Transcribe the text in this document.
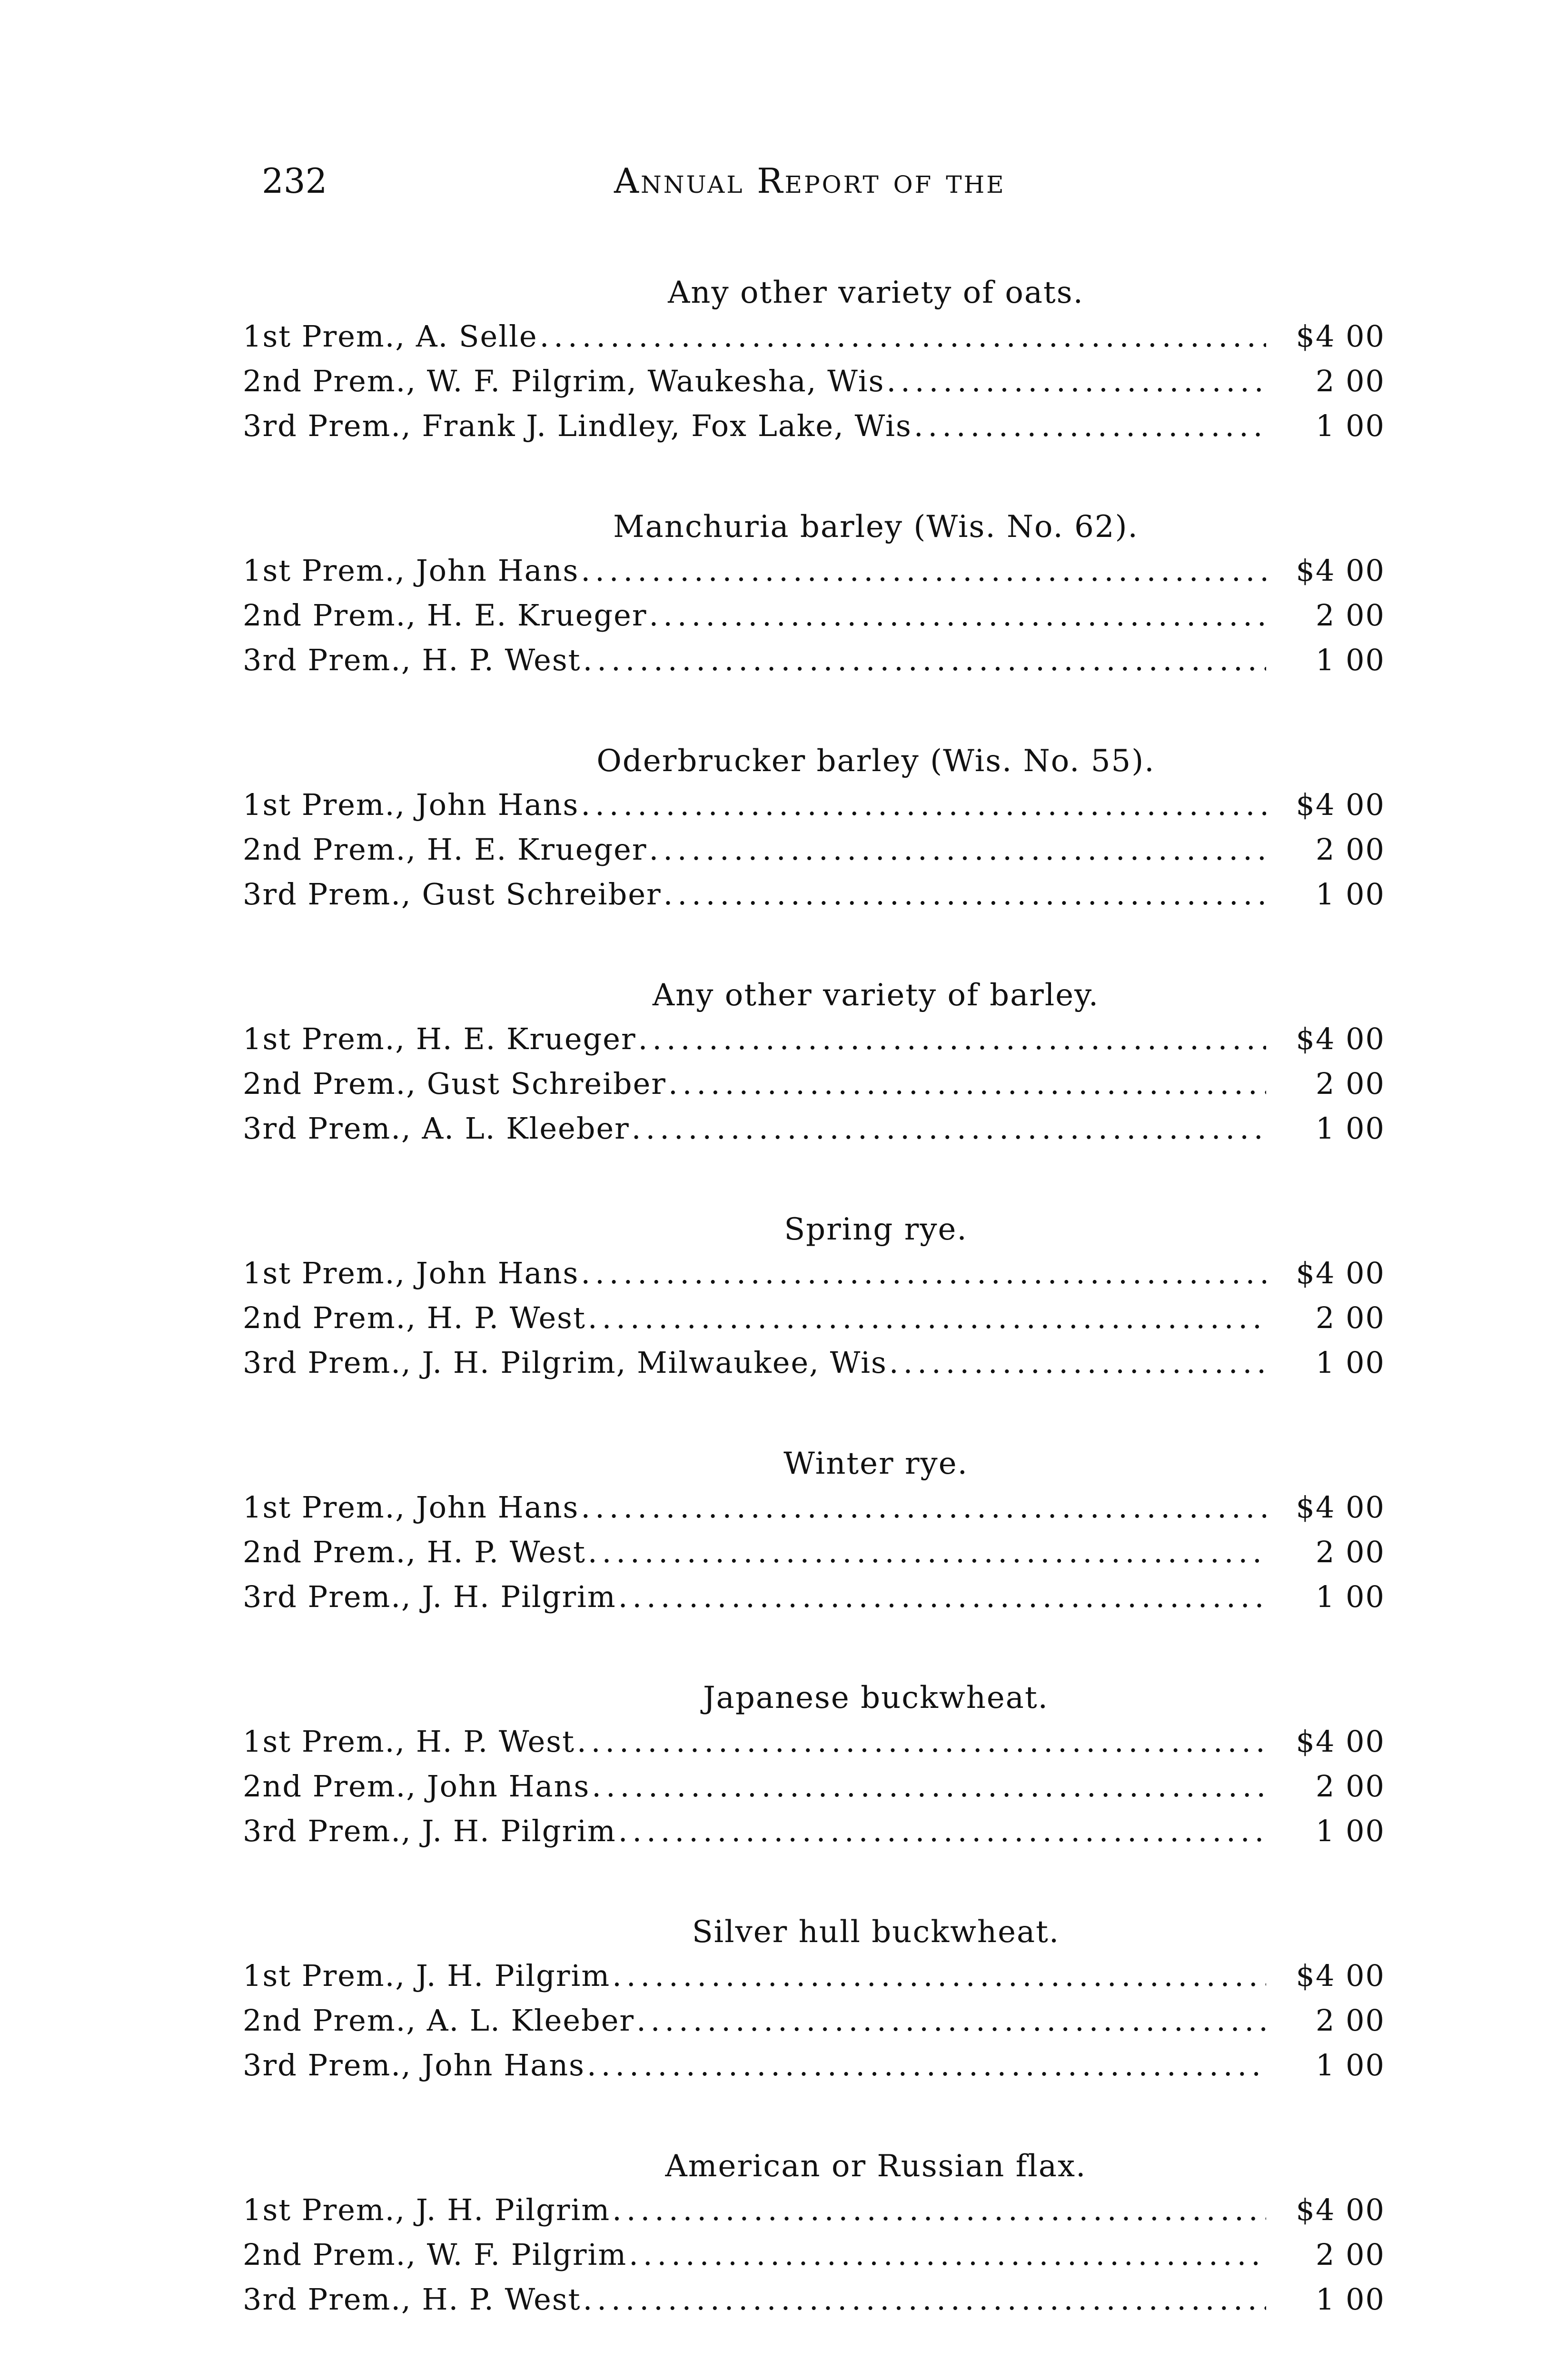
232	Annual Report of the
Any other variety of oats.
1st Prem., A. Selle .....	$4 00
2nd Prem., W. F. Pilgrim, Waukesha, Wis .....	2 00
3rd Prem., Frank J. Lindley, Fox Lake, Wis .....	1 00
Manchuria barley (Wis. No. 62).
1st Prem., John Hans .....	$4 00
2nd Prem., H. E. Krueger .....	2 00
3rd Prem., H. P. West .....	1 00
Oderbrucker barley (Wis. No. 55).
1st Prem., John Hans .....	$4 00
2nd Prem., H. E. Krueger .....	2 00
3rd Prem., Gust Schreiber .....	1 00
Any other variety of barley.
1st Prem., H. E. Krueger .....	$4 00
2nd Prem., Gust Schreiber .....	2 00
3rd Prem., A. L. Kleeber .....	1 00
Spring rye.
1st Prem., John Hans .....	$4 00
2nd Prem., H. P. West .....	2 00
3rd Prem., J. H. Pilgrim, Milwaukee, Wis .....	1 00
Winter rye.
1st Prem., John Hans .....	$4 00
2nd Prem., H. P. West .....	2 00
3rd Prem., J. H. Pilgrim .....	1 00
Japanese buckwheat.
1st Prem., H. P. West .....	$4 00
2nd Prem., John Hans .....	2 00
3rd Prem., J. H. Pilgrim .....	1 00
Silver hull buckwheat.
1st Prem., J. H. Pilgrim .....	$4 00
2nd Prem., A. L. Kleeber .....	2 00
3rd Prem., John Hans .....	1 00
American or Russian flax.
1st Prem., J. H. Pilgrim .....	$4 00
2nd Prem., W. F. Pilgrim .....	2 00
3rd Prem., H. P. West .....	1 00
